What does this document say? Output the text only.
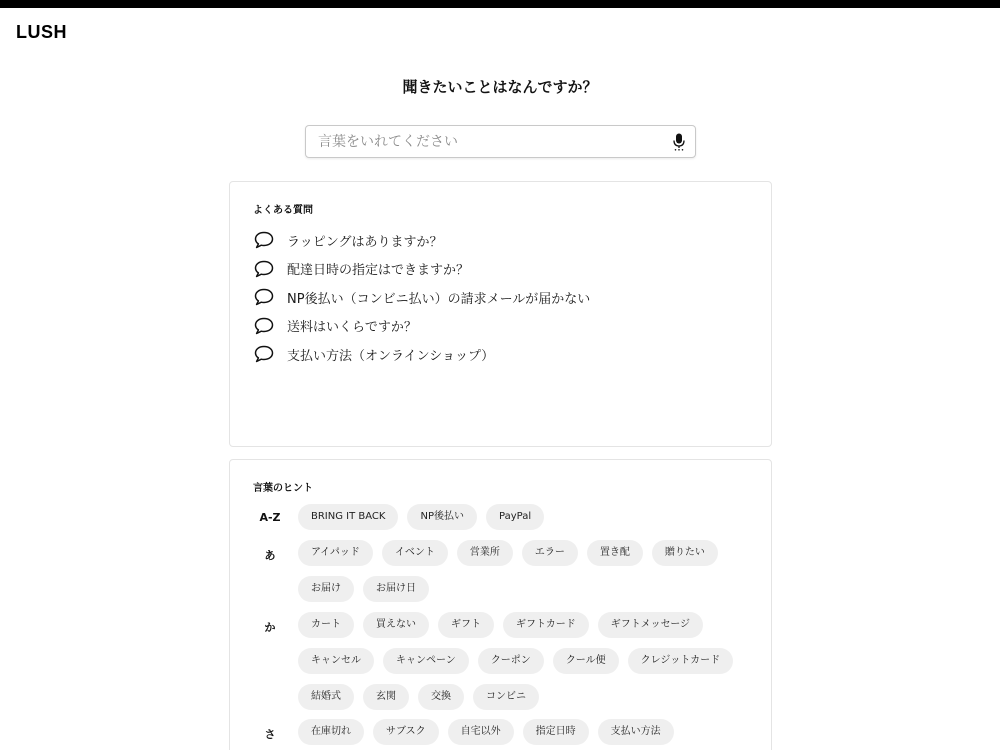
LUSH
聞きたいことはなんですか？
言葉をいれてください
よくある質問
ラッピングはありますか？
配達日時の指定はできますか？
NP後払い（コンビニ払い）の請求メールが届かない
送料はいくらですか？
支払い方法（オンラインショップ）
言葉のヒント
A-Z	BRING IT BACK	NP後払い	PayPal
あ	アイパッド	イベント	営業所	エラー	置き配	贈りたい
お届け	お届け日
か	カート	買えない	ギフト	ギフトカード	ギフトメッセージ
キャンセル	キャンペーン	クーポン	クール便	クレジットカード
結婚式	玄関	交換	コンビニ
さ	在庫切れ	サブスク	自宅以外	指定日時	支払い方法
